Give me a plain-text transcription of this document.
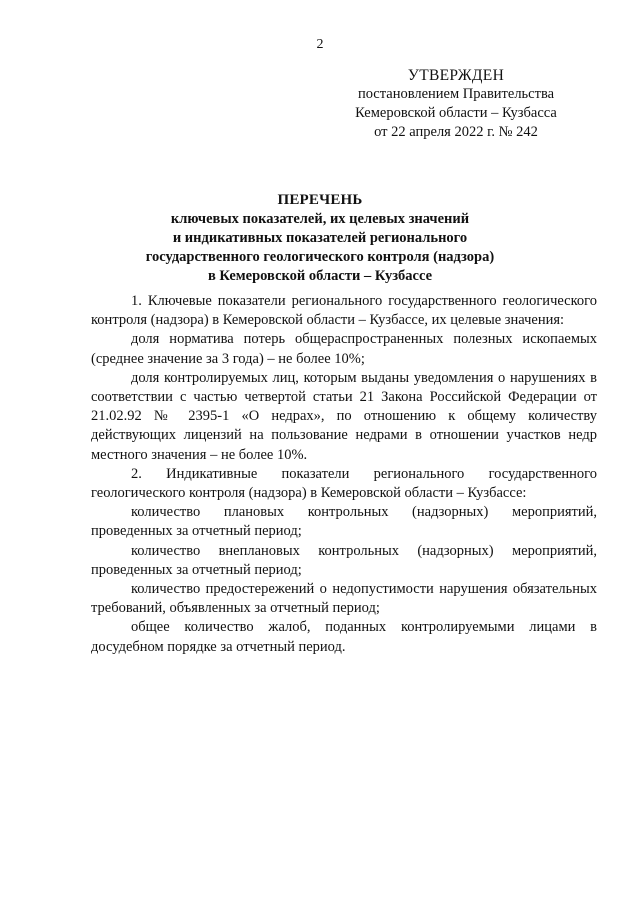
2
УТВЕРЖДЕН
постановлением Правительства
Кемеровской области – Кузбасса
от 22 апреля 2022 г. № 242
ПЕРЕЧЕНЬ
ключевых показателей, их целевых значений
и индикативных показателей регионального
государственного геологического контроля (надзора)
в Кемеровской области – Кузбассе

1. Ключевые показатели регионального государственного геологического контроля (надзора) в Кемеровской области – Кузбассе, их целевые значения:

доля норматива потерь общераспространенных полезных ископаемых (среднее значение за 3 года) – не более 10%;

доля контролируемых лиц, которым выданы уведомления о нарушениях в соответствии с частью четвертой статьи 21 Закона Российской Федерации от 21.02.92 № 2395-1 «О недрах», по отношению к общему количеству действующих лицензий на пользование недрами в отношении участков недр местного значения – не более 10%.

2. Индикативные показатели регионального государственного геологического контроля (надзора) в Кемеровской области – Кузбассе:

количество плановых контрольных (надзорных) мероприятий, проведенных за отчетный период;

количество внеплановых контрольных (надзорных) мероприятий, проведенных за отчетный период;

количество предостережений о недопустимости нарушения обязательных требований, объявленных за отчетный период;

общее количество жалоб, поданных контролируемыми лицами в досудебном порядке за отчетный период.
